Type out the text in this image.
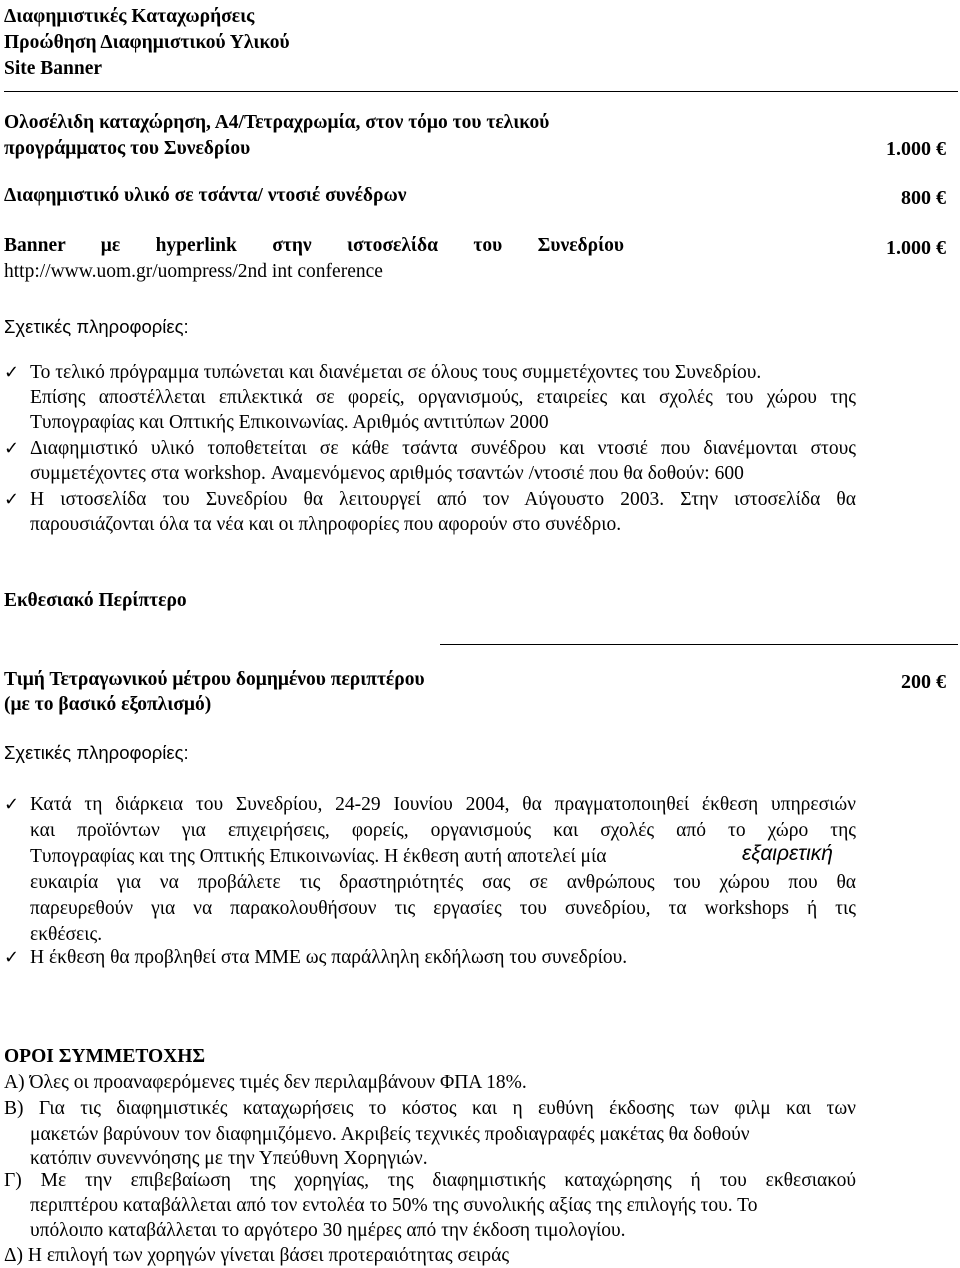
Διαφημιστικές Καταχωρήσεις
Προώθηση Διαφημιστικού Υλικού
Site Banner
Ολοσέλιδη καταχώρηση, Α4/Τετραχρωμία, στον τόμο του τελικού
προγράμματος του Συνεδρίου	1.000 €
Διαφημιστικό υλικό σε τσάντα/ ντοσιέ συνέδρων	800 €
Banner με hyperlink στην ιστοσελίδα του Συνεδρίου
http://www.uom.gr/uompress/2nd int conference
1.000 €
Σχετικές πληροφορίες:
✓ Το τελικό πρόγραμμα τυπώνεται και διανέμεται σε όλους τους συμμετέχοντες του Συνεδρίου.
Επίσης αποστέλλεται επιλεκτικά σε φορείς, οργανισμούς, εταιρείες και σχολές του χώρου της
Τυπογραφίας και Οπτικής Επικοινωνίας. Αριθμός αντιτύπων 2000
✓ Διαφημιστικό υλικό τοποθετείται σε κάθε τσάντα συνέδρου και ντοσιέ που διανέμονται στους
συμμετέχοντες στα workshop. Αναμενόμενος αριθμός τσαντών /ντοσιέ που θα δοθούν: 600
✓ Η ιστοσελίδα του Συνεδρίου θα λειτουργεί από τον Αύγουστο 2003. Στην ιστοσελίδα θα
παρουσιάζονται όλα τα νέα και οι πληροφορίες που αφορούν στο συνέδριο.
Εκθεσιακό Περίπτερο
Τιμή Τετραγωνικού μέτρου δομημένου περιπτέρου
(με το βασικό εξοπλισμό)
200 €
Σχετικές πληροφορίες:
✓ Κατά τη διάρκεια του Συνεδρίου, 24-29 Ιουνίου 2004, θα πραγματοποιηθεί έκθεση υπηρεσιών
και προϊόντων για επιχειρήσεις, φορείς, οργανισμούς και σχολές από το χώρο της
Τυπογραφίας και της Οπτικής Επικοινωνίας. Η έκθεση αυτή αποτελεί μία	εξαιρετική
ευκαιρία για να προβάλετε τις δραστηριότητές σας σε ανθρώπους του χώρου που θα
παρευρεθούν για να παρακολουθήσουν τις εργασίες του συνεδρίου, τα workshops ή τις
εκθέσεις.
✓ Η έκθεση θα προβληθεί στα ΜΜΕ ως παράλληλη εκδήλωση του συνεδρίου.
ΟΡΟΙ ΣΥΜΜΕΤΟΧΗΣ
Α) Όλες οι προαναφερόμενες τιμές δεν περιλαμβάνουν ΦΠΑ 18%.
Β) Για τις διαφημιστικές καταχωρήσεις το κόστος και η ευθύνη έκδοσης των φιλμ και των
μακετών βαρύνουν τον διαφημιζόμενο. Ακριβείς τεχνικές προδιαγραφές μακέτας θα δοθούν
κατόπιν συνεννόησης με την Υπεύθυνη Χορηγιών.
Γ) Με την επιβεβαίωση της χορηγίας, της διαφημιστικής καταχώρησης ή του εκθεσιακού
περιπτέρου καταβάλλεται από τον εντολέα το 50% της συνολικής αξίας της επιλογής του. Το
υπόλοιπο καταβάλλεται το αργότερο 30 ημέρες από την έκδοση τιμολογίου.
Δ) Η επιλογή των χορηγών γίνεται βάσει προτεραιότητας σειράς
